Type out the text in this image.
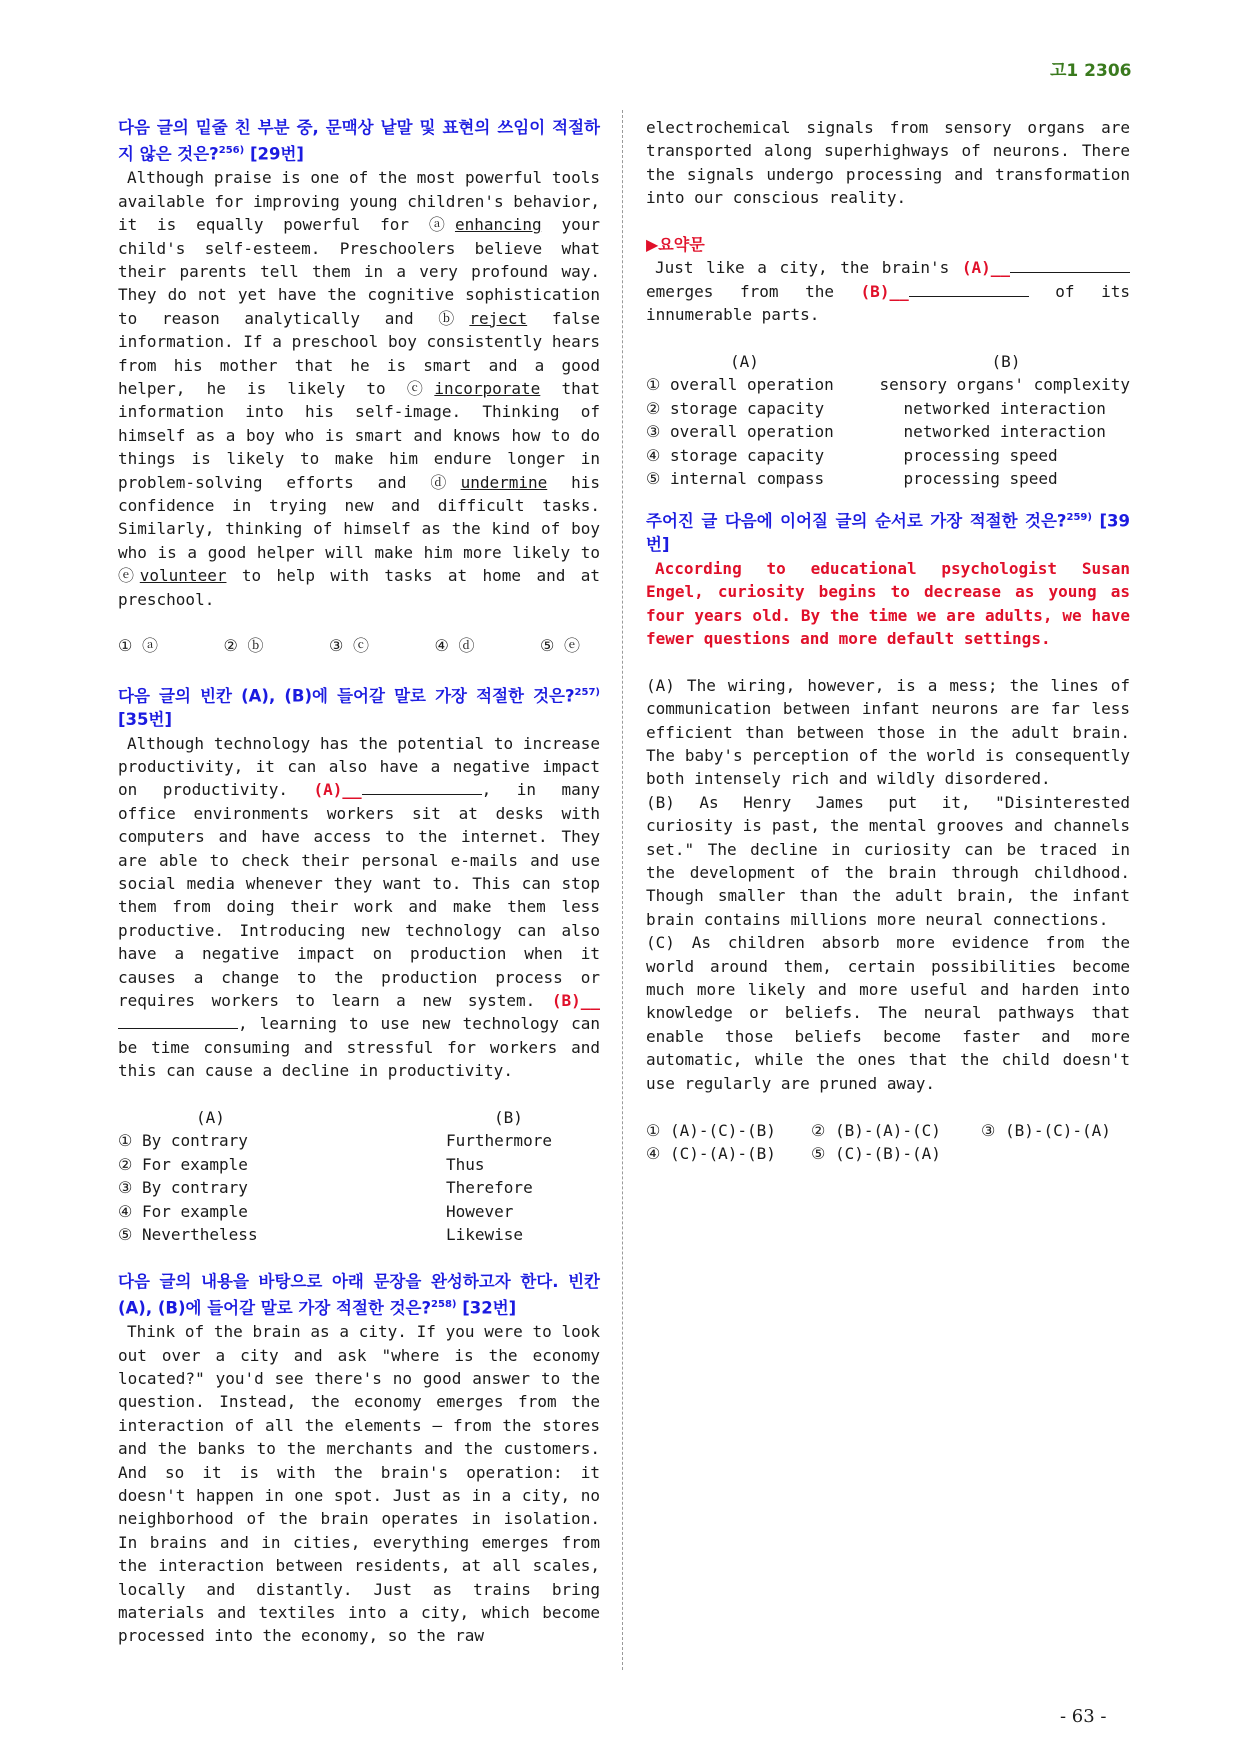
고1 2306
다음 글의 밑줄 친 부분 중, 문맥상 낱말 및 표현의 쓰임이 적절하지 않은 것은?$^{256)}$ [29번]
Although praise is one of the most powerful tools available for improving young children's behavior, it is equally powerful for ⓐenhancing your child's self-esteem. Preschoolers believe what their parents tell them in a very profound way. They do not yet have the cognitive sophistication to reason analytically and ⓑreject false information. If a preschool boy consistently hears from his mother that he is smart and a good helper, he is likely to ⓒincorporate that information into his self-image. Thinking of himself as a boy who is smart and knows how to do things is likely to make him endure longer in problem-solving efforts and ⓓundermine his confidence in trying new and difficult tasks. Similarly, thinking of himself as the kind of boy who is a good helper will make him more likely to ⓔvolunteer to help with tasks at home and at preschool.
① ⓐ	② ⓑ	③ ⓒ	④ ⓓ	⑤ ⓔ
다음 글의 빈칸 (A), (B)에 들어갈 말로 가장 적절한 것은?$^{257)}$ [35번]
Although technology has the potential to increase productivity, it can also have a negative impact on productivity. (A)__	, in many office environments workers sit at desks with computers and have access to the internet. They are able to check their personal e-mails and use social media whenever they want to. This can stop them from doing their work and make them less productive. Introducing new technology can also have a negative impact on production when it causes a change to the production process or requires workers to learn a new system. (B)__, learning to use new technology can be time consuming and stressful for workers and this can cause a decline in productivity.
(A)	(B)
① By contrary	Furthermore
② For example	Thus
③ By contrary	Therefore
④ For example	However
⑤ Nevertheless	Likewise
다음 글의 내용을 바탕으로 아래 문장을 완성하고자 한다. 빈칸 (A), (B)에 들어갈 말로 가장 적절한 것은?$^{258)}$ [32번]
Think of the brain as a city. If you were to look out over a city and ask "where is the economy located?" you'd see there's no good answer to the question. Instead, the economy emerges from the interaction of all the elements — from the stores and the banks to the merchants and the customers. And so it is with the brain's operation: it doesn't happen in one spot. Just as in a city, no neighborhood of the brain operates in isolation. In brains and in cities, everything emerges from the interaction between residents, at all scales, locally and distantly. Just as trains bring materials and textiles into a city, which become processed into the economy, so the raw
electrochemical signals from sensory organs are transported along superhighways of neurons. There the signals undergo processing and transformation into our conscious reality.
▶요약문
Just like a city, the brain's (A)__ emerges from the (B)__	of its innumerable parts.
(A)	(B)
① overall operation	sensory organs' complexity
② storage capacity	networked interaction
③ overall operation	networked interaction
④ storage capacity	processing speed
⑤ internal compass	processing speed
주어진 글 다음에 이어질 글의 순서로 가장 적절한 것은?$^{259)}$ [39번]
According to educational psychologist Susan Engel, curiosity begins to decrease as young as four years old. By the time we are adults, we have fewer questions and more default settings.
(A) The wiring, however, is a mess; the lines of communication between infant neurons are far less efficient than between those in the adult brain. The baby's perception of the world is consequently both intensely rich and wildly disordered.
(B) As Henry James put it, "Disinterested curiosity is past, the mental grooves and channels set." The decline in curiosity can be traced in the development of the brain through childhood. Though smaller than the adult brain, the infant brain contains millions more neural connections.
(C) As children absorb more evidence from the world around them, certain possibilities become much more likely and more useful and harden into knowledge or beliefs. The neural pathways that enable those beliefs become faster and more automatic, while the ones that the child doesn't use regularly are pruned away.
① (A)-(C)-(B)	② (B)-(A)-(C)	③ (B)-(C)-(A)
④ (C)-(A)-(B)	⑤ (C)-(B)-(A)
- 63 -
